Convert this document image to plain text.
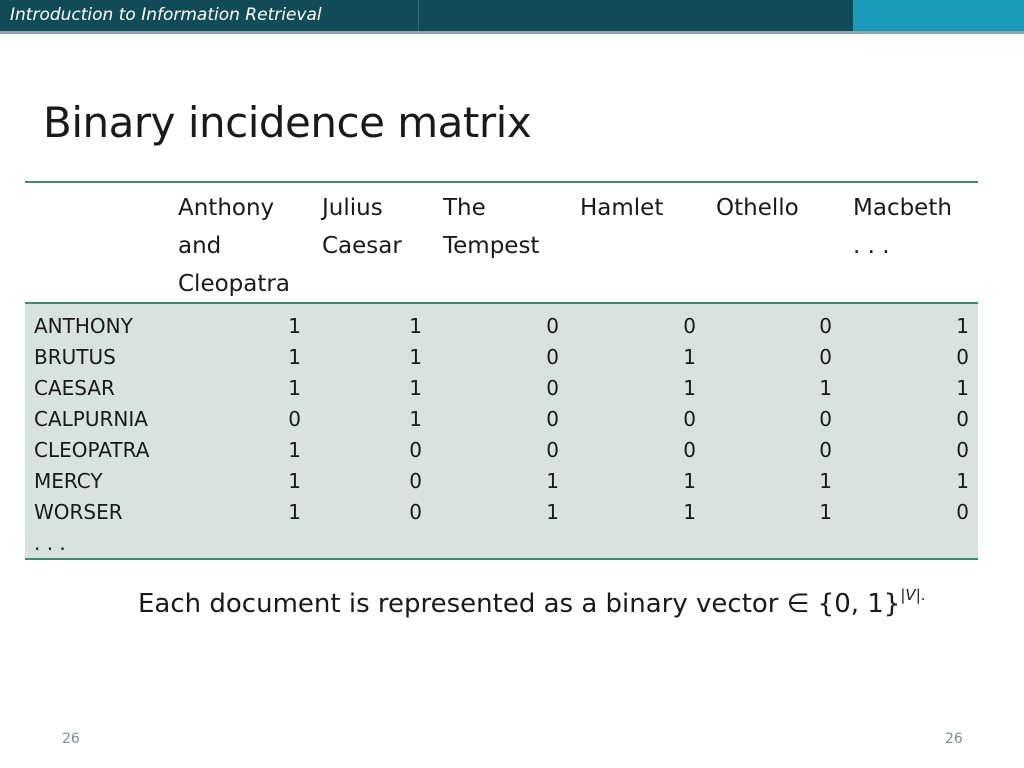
Introduction to Information Retrieval
Binary incidence matrix
Anthony
and
Cleopatra
Julius
Caesar
The
Tempest
Hamlet Othello Macbeth
. . .
ANTHONY
BRUTUS
CAESAR
CALPURNIA
CLEOPATRA
MERCY
WORSER
. . .
1
1
1
0
1
1
1
1
1
1
1
0
0
0
0
0
0
0
0
1
1
0
1
1
0
0
1
1
0
0
1
0
0
1
1
1
0
1
0
0
1
0
Each document is represented as a binary vector ∈ {0, 1}$^{|V|.}$
26	26
